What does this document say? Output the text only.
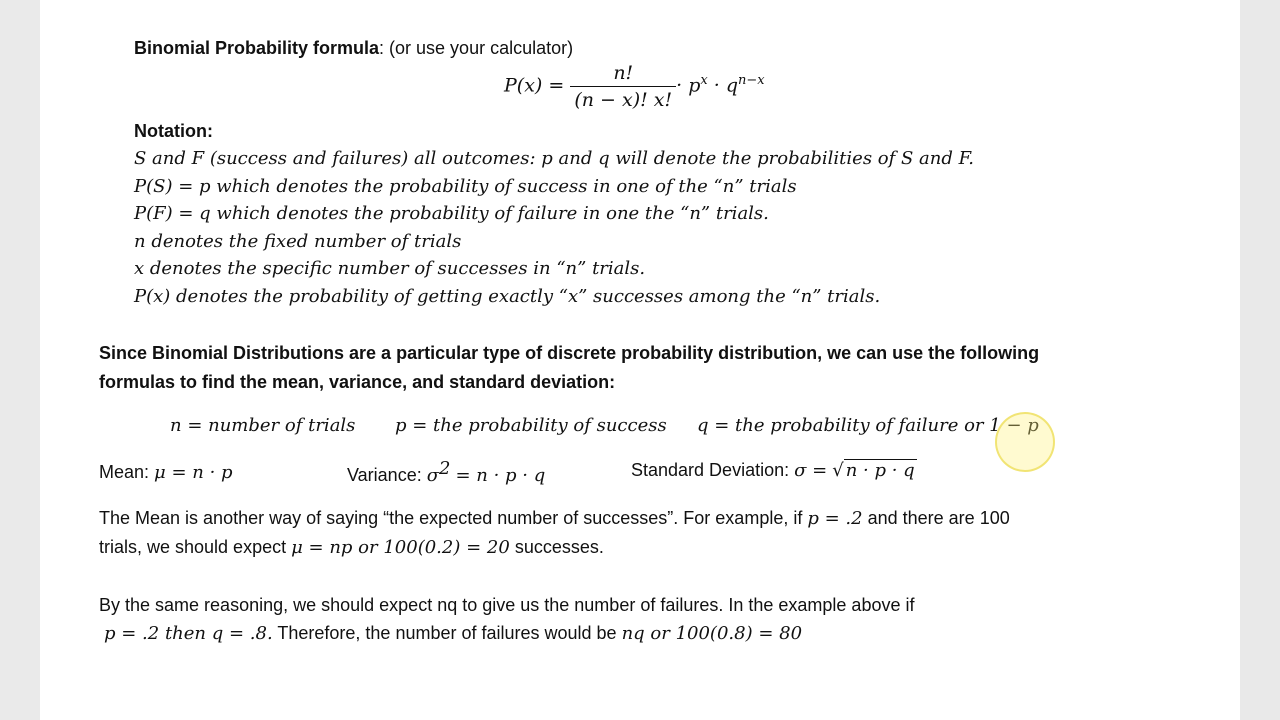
Binomial Probability formula: (or use your calculator)
$P(x) = \frac{n!}{(n - x)! x!} \cdot p^x \cdot q^{n-x}$
Notation:
S and F (success and failures) all outcomes: p and q will denote the probabilities of S and F.
P(S) = p which denotes the probability of success in one of the “n” trials
P(F) = q which denotes the probability of failure in one the “n” trials.
n denotes the fixed number of trials
x denotes the specific number of successes in “n” trials.
P(x) denotes the probability of getting exactly “x” successes among the “n” trials.
Since Binomial Distributions are a particular type of discrete probability distribution, we can use the following
formulas to find the mean, variance, and standard deviation:
n = number of trials p = the probability of success q = the probability of failure or 1 − p
Mean: μ = n · p	Variance: $\sigma^2 = n \cdot p \cdot q$	Standard Deviation: σ = √ n · p · q
The Mean is another way of saying “the expected number of successes”. For example, if p = .2 and there are 100
trials, we should expect μ = np or 100(0.2) = 20 successes.
By the same reasoning, we should expect nq to give us the number of failures. In the example above if
p = .2 then q = .8. Therefore, the number of failures would be nq or 100(0.8) = 80
